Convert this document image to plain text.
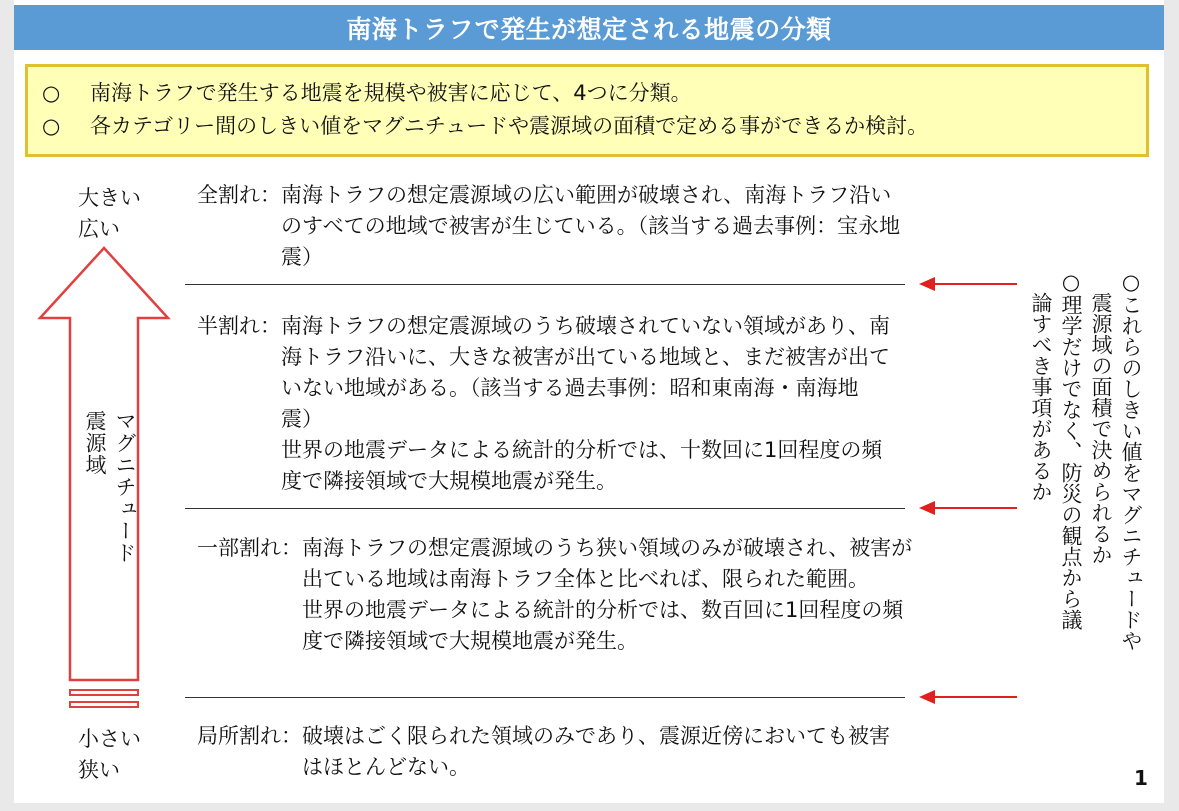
南海トラフで発生が想定される地震の分類
○ 南海トラフで発生する地震を規模や被害に応じて、4つに分類。
○ 各カテゴリー間のしきい値をマグニチュードや震源域の面積で定める事ができるか検討。
大きい
広い
小さい
狭い
マグニチュード
震源域
全割れ： 南海トラフの想定震源域の広い範囲が破壊され、南海トラフ沿いのすべての地域で被害が生じている。（該当する過去事例：宝永地震）
半割れ： 南海トラフの想定震源域のうち破壊されていない領域があり、南海トラフ沿いに、大きな被害が出ている地域と、まだ被害が出ていない地域がある。（該当する過去事例：昭和東南海・南海地震）
世界の地震データによる統計的分析では、十数回に1回程度の頻度で隣接領域で大規模地震が発生。
一部割れ： 南海トラフの想定震源域のうち狭い領域のみが破壊され、被害が出ている地域は南海トラフ全体と比べれば、限られた範囲。
世界の地震データによる統計的分析では、数百回に1回程度の頻度で隣接領域で大規模地震が発生。
局所割れ： 破壊はごく限られた領域のみであり、震源近傍においても被害はほとんどない。
○これらのしきい値をマグニチュードや
震源域の面積で決められるか
○理学だけでなく、防災の観点から議
論すべき事項があるか
1
